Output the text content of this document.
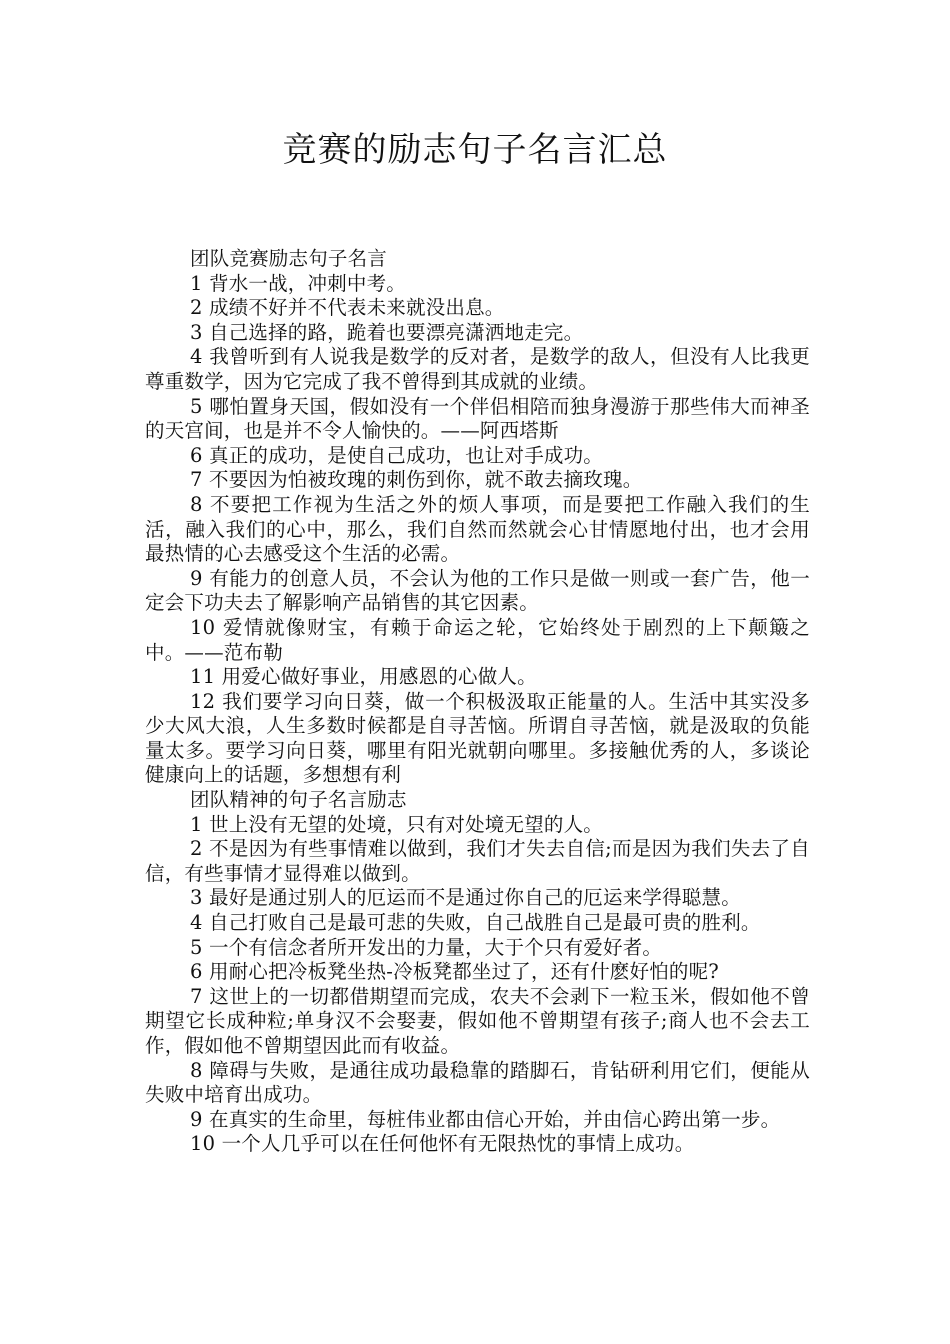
竞赛的励志句子名言汇总

团队竞赛励志句子名言

1 背水一战，冲刺中考。

2 成绩不好并不代表未来就没出息。

3 自己选择的路，跪着也要漂亮潇洒地走完。

4 我曾听到有人说我是数学的反对者，是数学的敌人，但没有人比我更尊重数学，因为它完成了我不曾得到其成就的业绩。

5 哪怕置身天国，假如没有一个伴侣相陪而独身漫游于那些伟大而神圣的天宫间，也是并不令人愉快的。——阿西塔斯

6 真正的成功，是使自己成功，也让对手成功。

7 不要因为怕被玫瑰的刺伤到你，就不敢去摘玫瑰。

8 不要把工作视为生活之外的烦人事项，而是要把工作融入我们的生活，融入我们的心中，那么，我们自然而然就会心甘情愿地付出，也才会用最热情的心去感受这个生活的必需。

9 有能力的创意人员，不会认为他的工作只是做一则或一套广告，他一定会下功夫去了解影响产品销售的其它因素。

10 爱情就像财宝，有赖于命运之轮，它始终处于剧烈的上下颠簸之中。——范布勒

11 用爱心做好事业，用感恩的心做人。

12 我们要学习向日葵，做一个积极汲取正能量的人。生活中其实没多少大风大浪，人生多数时候都是自寻苦恼。所谓自寻苦恼，就是汲取的负能量太多。要学习向日葵，哪里有阳光就朝向哪里。多接触优秀的人，多谈论健康向上的话题，多想想有利

团队精神的句子名言励志

1 世上没有无望的处境，只有对处境无望的人。

2 不是因为有些事情难以做到，我们才失去自信;而是因为我们失去了自信，有些事情才显得难以做到。

3 最好是通过别人的厄运而不是通过你自己的厄运来学得聪慧。

4 自己打败自己是最可悲的失败，自己战胜自己是最可贵的胜利。

5 一个有信念者所开发出的力量，大于个只有爱好者。

6 用耐心把冷板凳坐热-冷板凳都坐过了，还有什麽好怕的呢?

7 这世上的一切都借期望而完成，农夫不会剥下一粒玉米，假如他不曾期望它长成种粒;单身汉不会娶妻，假如他不曾期望有孩子;商人也不会去工作，假如他不曾期望因此而有收益。

8 障碍与失败，是通往成功最稳靠的踏脚石，肯钻研利用它们，便能从失败中培育出成功。

9 在真实的生命里，每桩伟业都由信心开始，并由信心跨出第一步。

10 一个人几乎可以在任何他怀有无限热忱的事情上成功。
